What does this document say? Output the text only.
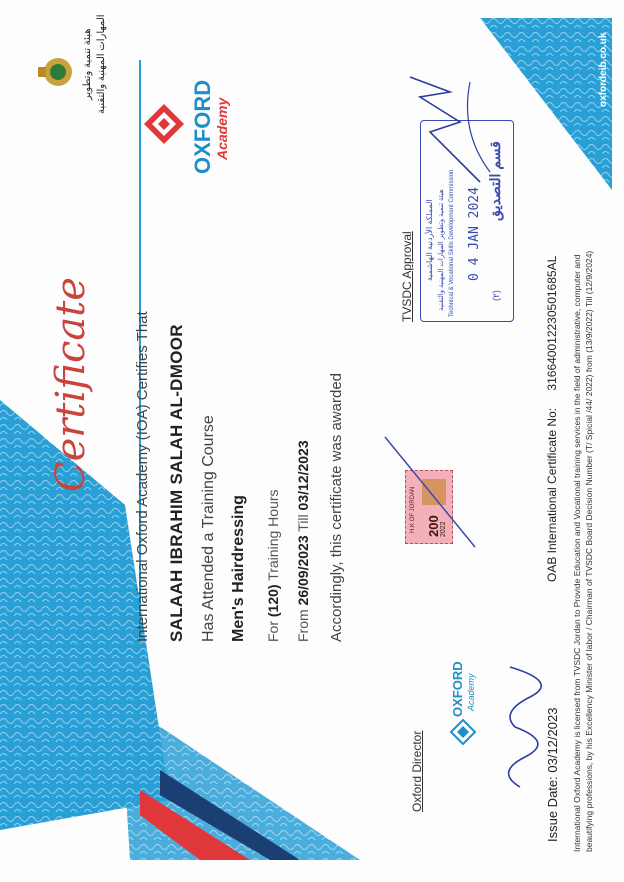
Certificate	International Oxford Academy (IOA) Certifies That SALAAH IBRAHIM SALAH AL-DMOOR Has Attended a Training Course Men's Hairdressing For (120) Training Hours
From 26/09/2023 Till 03/12/2023 Accordingly, this certificate was awarded	H.K OF JORDAN 200 2022
OXFORD Academy
هيئة تنمية وتطوير المهارات المهنية والتقنية
TVSDC Approval المملكة الأردنية الهاشمية هيئة تنمية وتطوير المهارات المهنية والتقنية Technical & Vocational Skills Development Commission 0 4 JAN 2024
قسم التصديق
(٢)
Oxford Director
OXFORD Academy
Issue Date: 03/12/2023
OAB International Certificate No: 316640012230501685AL International Oxford Academy is licensed from TVSDC Jordan to Provide Education and Vocational training services in the field of administrative, computer and beautifying professions, by his Excellency Minister of labor / Chairman of TVSDC Board Decision Number (T/ Spicial /44/ 2022) from (13/9/2022) Till (12/9/2024)
oxfordeib.co.uk
